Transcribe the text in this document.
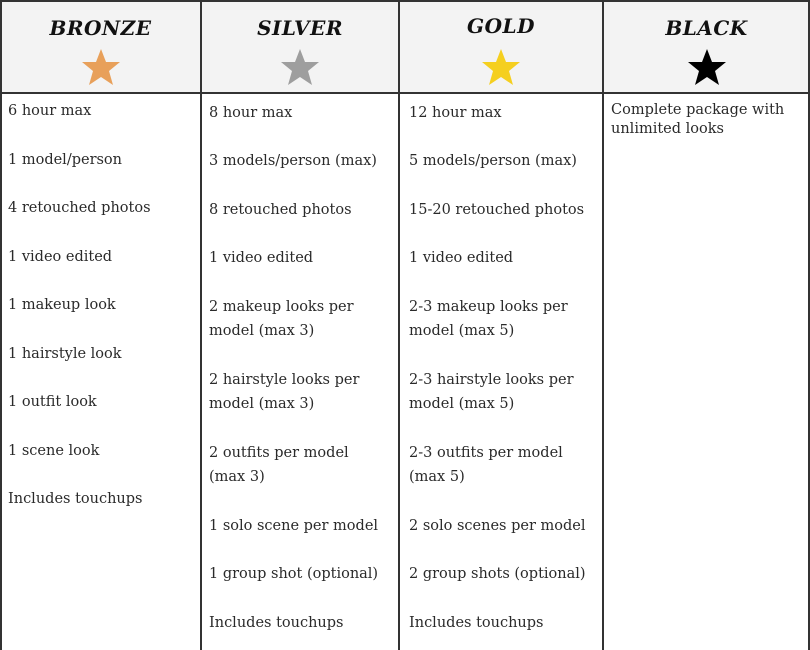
BRONZE
6 hour max
1 model/person
4 retouched photos
1 video edited
1 makeup look
1 hairstyle look
1 outfit look
1 scene look
Includes touchups
SILVER
8 hour max
3 models/person (max)
8 retouched photos
1 video edited
2 makeup looks per model (max 3)
2 hairstyle looks per model (max 3)
2 outfits per model (max 3)
1 solo scene per model
1 group shot (optional)
Includes touchups
GOLD
12 hour max
5 models/person (max)
15-20 retouched photos
1 video edited
2-3 makeup looks per model (max 5)
2-3 hairstyle looks per model (max 5)
2-3 outfits per model (max 5)
2 solo scenes per model
2 group shots (optional)
Includes touchups
BLACK
Complete package with unlimited looks
